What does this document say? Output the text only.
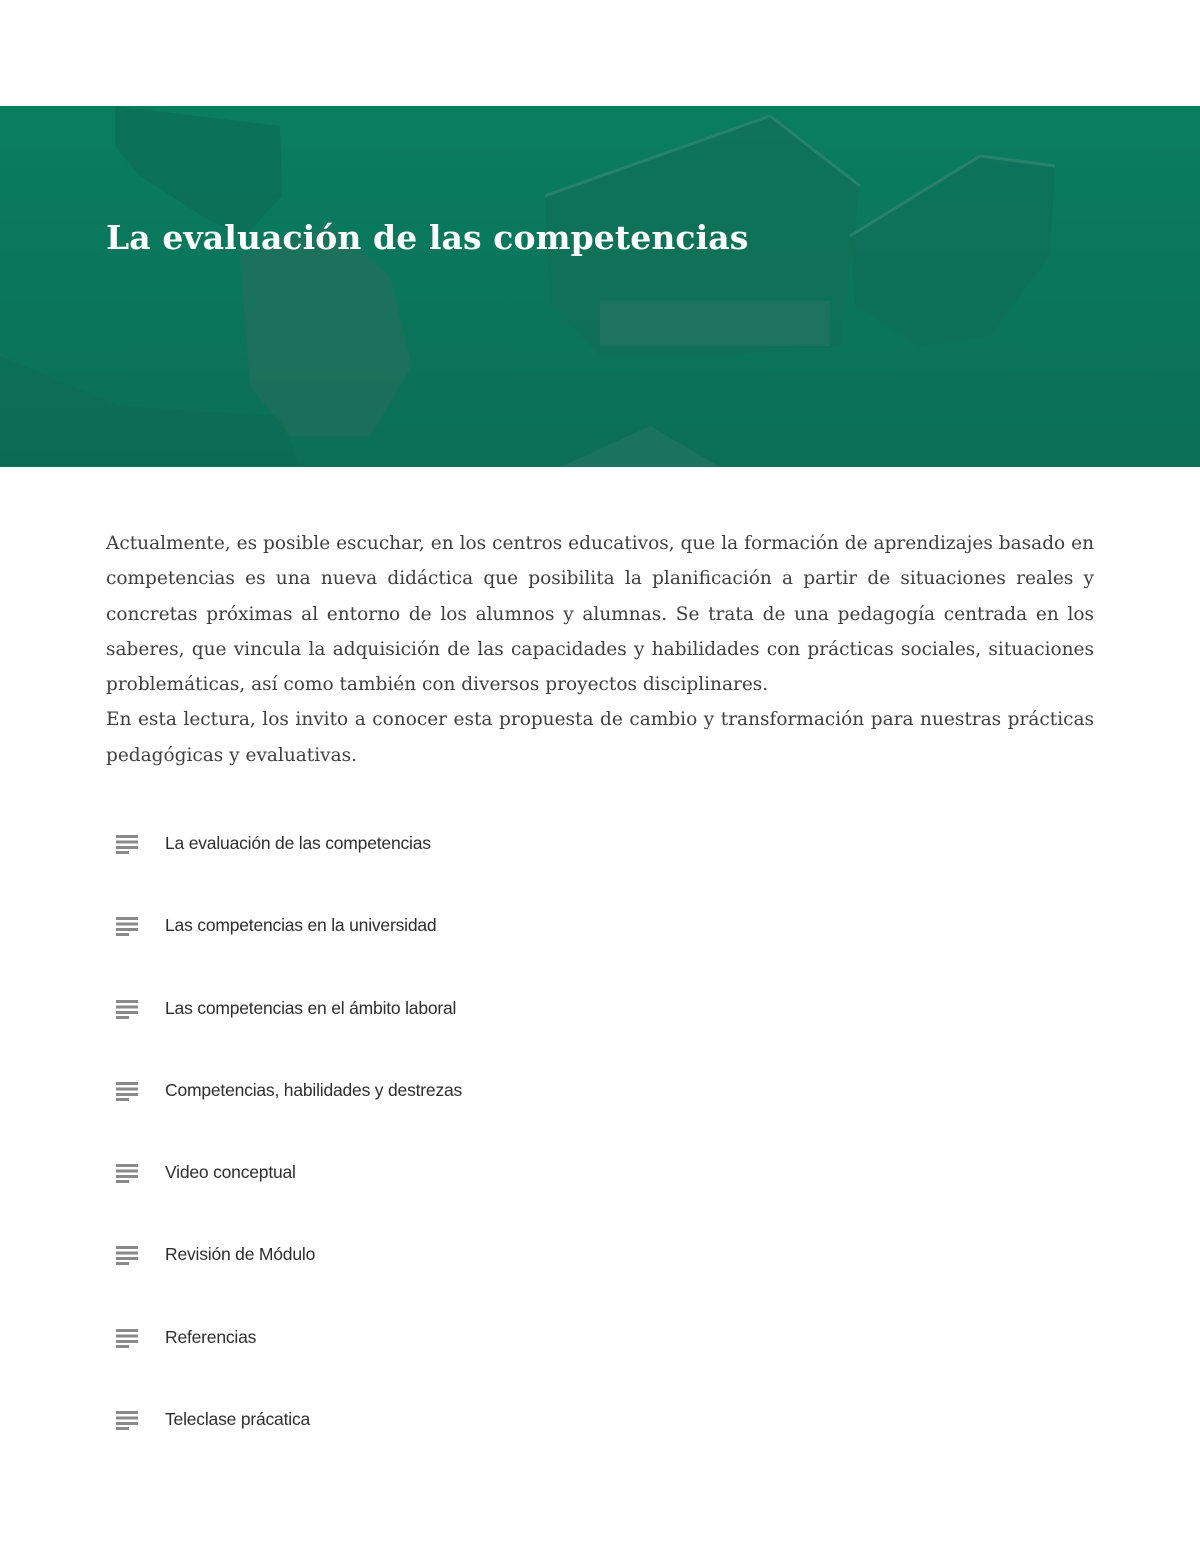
La evaluación de las competencias

Actualmente, es posible escuchar, en los centros educativos, que la formación de aprendizajes basado en competencias es una nueva didáctica que posibilita la planificación a partir de situaciones reales y concretas próximas al entorno de los alumnos y alumnas. Se trata de una pedagogía centrada en los saberes, que vincula la adquisición de las capacidades y habilidades con prácticas sociales, situaciones problemáticas, así como también con diversos proyectos disciplinares.

En esta lectura, los invito a conocer esta propuesta de cambio y transformación para nuestras prácticas pedagógicas y evaluativas.

La evaluación de las competencias
Las competencias en la universidad
Las competencias en el ámbito laboral
Competencias, habilidades y destrezas
Video conceptual
Revisión de Módulo
Referencias
Teleclase prácatica
